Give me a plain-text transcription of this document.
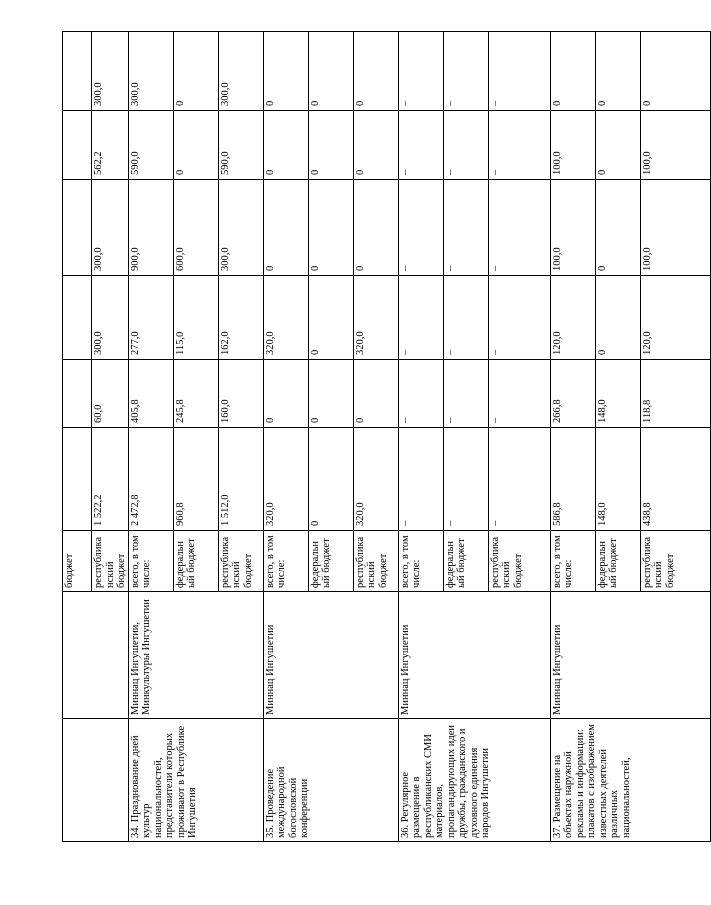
		бюджет						
		республиканский бюджет	1 522,2	60,0	300,0	300,0	562,2	300,0
34. Празднование дней культур национальностей, представители которых проживают в Республике Ингушетия	Миннац Ингушетии, Минкультуры Ингушетии	всего, в том числе:	2 472,8	405,8	277,0	900,0	590,0	300,0
		федеральный бюджет	960,8	245,8	115,0	600,0	0	0
		республиканский бюджет	1 512,0	160,0	162,0	300,0	590,0	300,0
35. Проведение международной богословской конференции	Миннац Ингушетии	всего, в том числе:	320,0	0	320,0	0	0	0
		федеральный бюджет	0	0	0	0	0	0
		республиканский бюджет	320,0	0	320,0	0	0	0
36. Регулярное размещение в республиканских СМИ материалов, пропагандирующих идеи дружбы, гражданского и духовного единения народов Ингушетии	Миннац Ингушетии	всего, в том числе:	–	–	–	–	–	–
		федеральный бюджет	–	–	–	–	–	–
		республиканский бюджет	–	–	–	–	–	–
37. Размещение на объектах наружной рекламы и информации: плакатов с изображением известных деятелей различных национальностей,	Миннац Ингушетии	всего, в том числе:	586,8	266,8	120,0	100,0	100,0	0
		федеральный бюджет	148,0	148,0	0	0	0	0
		республиканский бюджет	438,8	118,8	120,0	100,0	100,0	0
